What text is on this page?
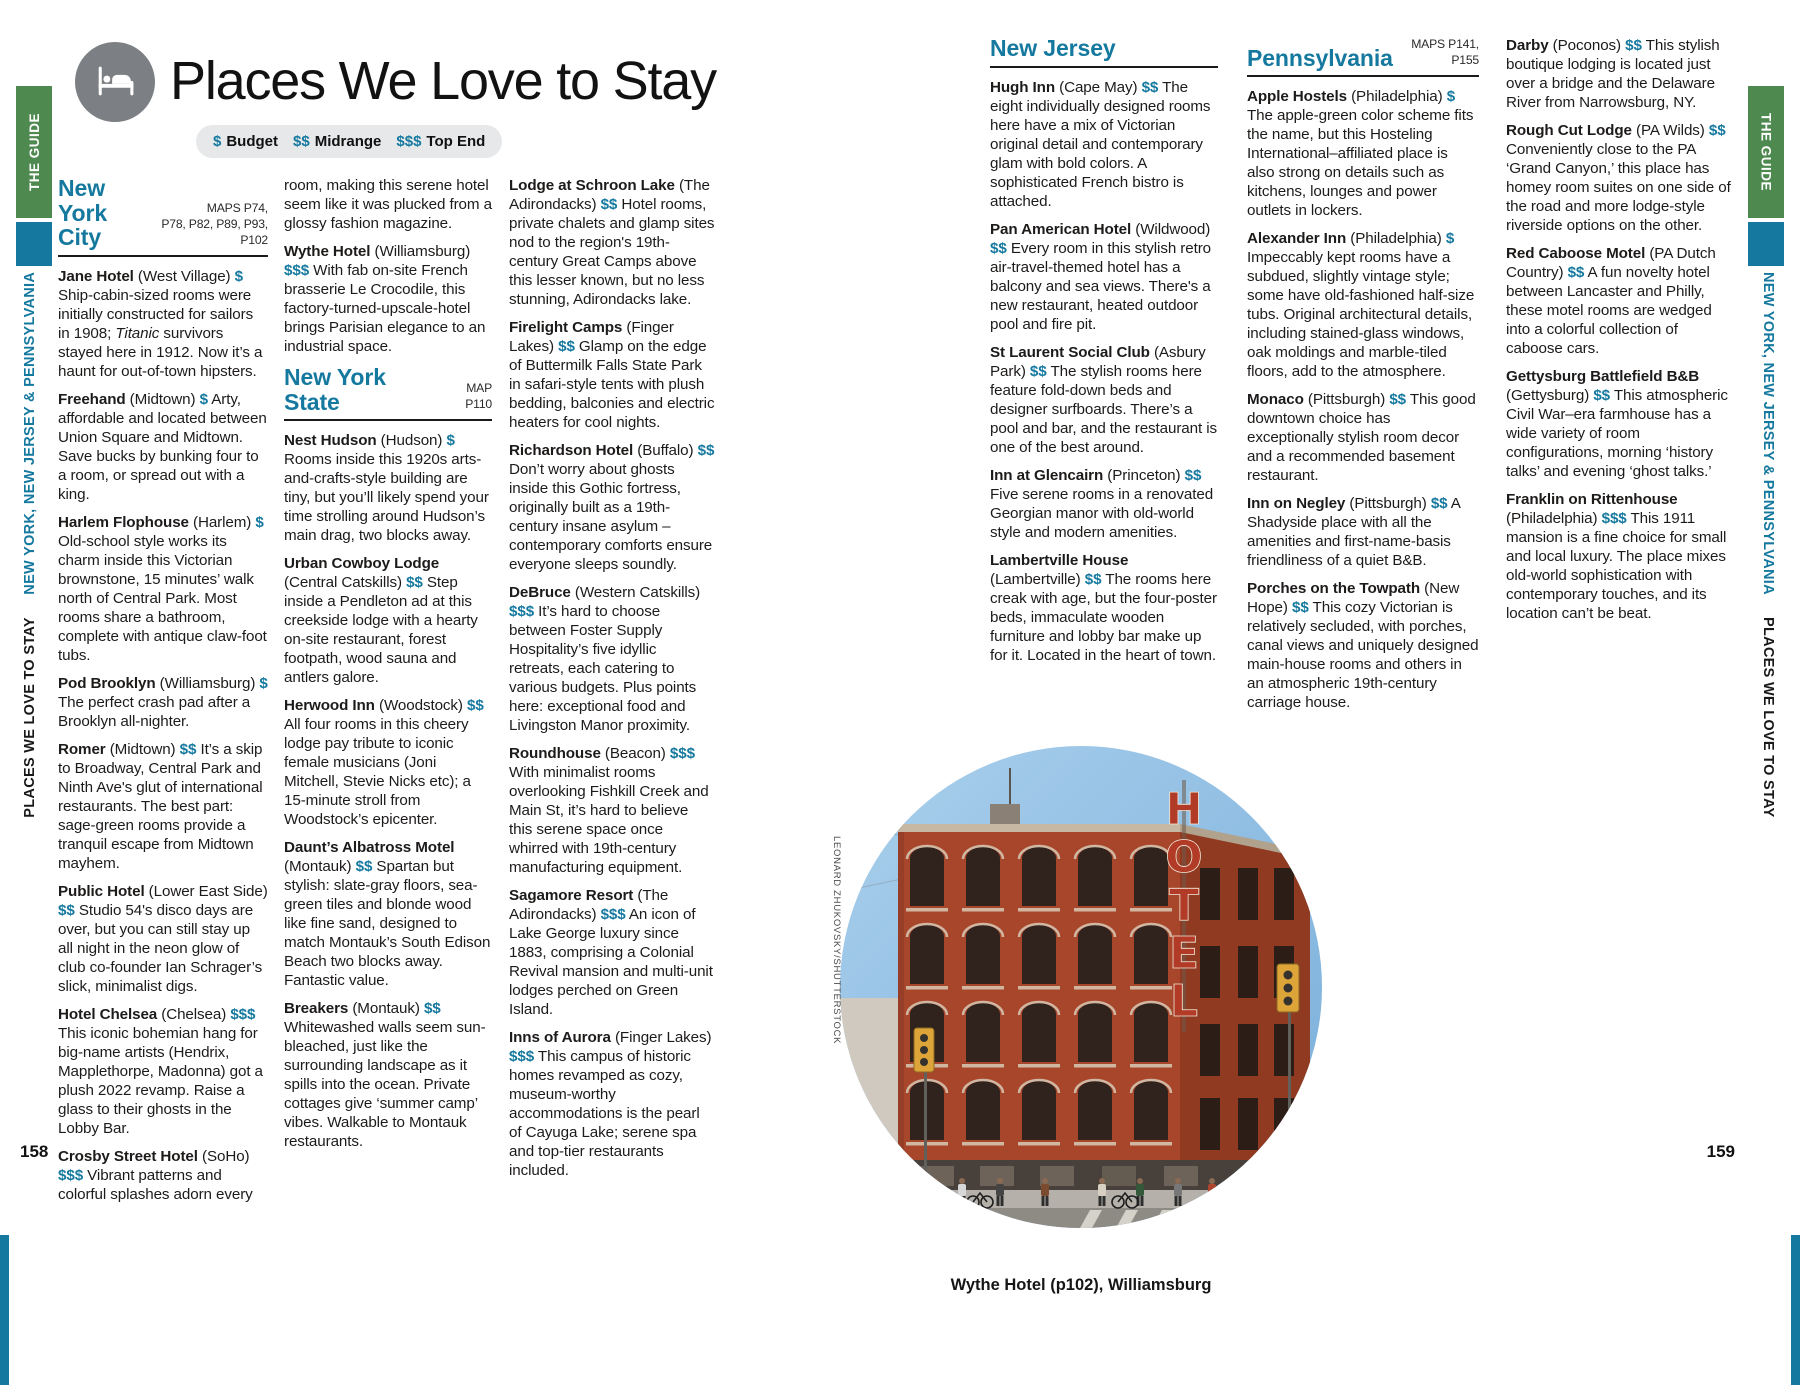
THE GUIDE
PLACES WE LOVE TO STAY NEW YORK, NEW JERSEY & PENNSYLVANIA
THE GUIDE
NEW YORK, NEW JERSEY & PENNSYLVANIA PLACES WE LOVE TO STAY
Places We Love to Stay
$ Budget $$ Midrange $$$ Top End
New York
City
MAPS P74,
P78, P82, P89, P93, P102

Jane Hotel (West Village) $ Ship-cabin-sized rooms were initially constructed for sailors in 1908; Titanic survivors stayed here in 1912. Now it’s a haunt for out-of-town hipsters.

Freehand (Midtown) $ Arty, affordable and located between Union Square and Midtown. Save bucks by bunking four to a room, or spread out with a king.

Harlem Flophouse (Harlem) $ Old-school style works its charm inside this Victorian brownstone, 15 minutes’ walk north of Central Park. Most rooms share a bathroom, complete with antique claw-foot tubs.

Pod Brooklyn (Williamsburg) $ The perfect crash pad after a Brooklyn all-nighter.

Romer (Midtown) $$ It’s a skip to Broadway, Central Park and Ninth Ave's glut of international restaurants. The best part: sage-green rooms provide a tranquil escape from Midtown mayhem.

Public Hotel (Lower East Side) $$ Studio 54's disco days are over, but you can still stay up all night in the neon glow of club co-founder Ian Schrager’s slick, minimalist digs.

Hotel Chelsea (Chelsea) $$$ This iconic bohemian hang for big-name artists (Hendrix, Mapplethorpe, Madonna) got a plush 2022 revamp. Raise a glass to their ghosts in the Lobby Bar.

Crosby Street Hotel (SoHo) $$$ Vibrant patterns and colorful splashes adorn every

room, making this serene hotel seem like it was plucked from a glossy fashion magazine.

Wythe Hotel (Williamsburg) $$$ With fab on-site French brasserie Le Crocodile, this factory-turned-upscale-hotel brings Parisian elegance to an industrial space.

New York State
MAP P110

Nest Hudson (Hudson) $ Rooms inside this 1920s arts-and-crafts-style building are tiny, but you’ll likely spend your time strolling around Hudson’s main drag, two blocks away.

Urban Cowboy Lodge (Central Catskills) $$ Step inside a Pendleton ad at this creekside lodge with a hearty on-site restaurant, forest footpath, wood sauna and antlers galore.

Herwood Inn (Woodstock) $$ All four rooms in this cheery lodge pay tribute to iconic female musicians (Joni Mitchell, Stevie Nicks etc); a 15-minute stroll from Woodstock’s epicenter.

Daunt’s Albatross Motel (Montauk) $$ Spartan but stylish: slate-gray floors, sea-green tiles and blonde wood like fine sand, designed to match Montauk’s South Edison Beach two blocks away. Fantastic value.

Breakers (Montauk) $$ Whitewashed walls seem sun-bleached, just like the surrounding landscape as it spills into the ocean. Private cottages give ‘summer camp’ vibes. Walkable to Montauk restaurants.

Lodge at Schroon Lake (The Adirondacks) $$ Hotel rooms, private chalets and glamp sites nod to the region's 19th-century Great Camps above this lesser known, but no less stunning, Adirondacks lake.

Firelight Camps (Finger Lakes) $$ Glamp on the edge of Buttermilk Falls State Park in safari-style tents with plush bedding, balconies and electric heaters for cool nights.

Richardson Hotel (Buffalo) $$ Don’t worry about ghosts inside this Gothic fortress, originally built as a 19th-century insane asylum – contemporary comforts ensure everyone sleeps soundly.

DeBruce (Western Catskills) $$$ It’s hard to choose between Foster Supply Hospitality’s five idyllic retreats, each catering to various budgets. Plus points here: exceptional food and Livingston Manor proximity.

Roundhouse (Beacon) $$$ With minimalist rooms overlooking Fishkill Creek and Main St, it’s hard to believe this serene space once whirred with 19th-century manufacturing equipment.

Sagamore Resort (The Adirondacks) $$$ An icon of Lake George luxury since 1883, comprising a Colonial Revival mansion and multi-unit lodges perched on Green Island.

Inns of Aurora (Finger Lakes) $$$ This campus of historic homes revamped as cozy, museum-worthy accommodations is the pearl of Cayuga Lake; serene spa and top-tier restaurants included.

New Jersey

Hugh Inn (Cape May) $$ The eight individually designed rooms here have a mix of Victorian original detail and contemporary glam with bold colors. A sophisticated French bistro is attached.

Pan American Hotel (Wildwood) $$ Every room in this stylish retro air-travel-themed hotel has a balcony and sea views. There's a new restaurant, heated outdoor pool and fire pit.

St Laurent Social Club (Asbury Park) $$ The stylish rooms here feature fold-down beds and designer surfboards. There’s a pool and bar, and the restaurant is one of the best around.

Inn at Glencairn (Princeton) $$ Five serene rooms in a renovated Georgian manor with old-world style and modern amenities.

Lambertville House (Lambertville) $$ The rooms here creak with age, but the four-poster beds, immaculate wooden furniture and lobby bar make up for it. Located in the heart of town.

Pennsylvania
MAPS P141, P155

Apple Hostels (Philadelphia) $ The apple-green color scheme fits the name, but this Hosteling International–affiliated place is also strong on details such as kitchens, lounges and power outlets in lockers.

Alexander Inn (Philadelphia) $ Impeccably kept rooms have a subdued, slightly vintage style; some have old-fashioned half-size tubs. Original architectural details, including stained-glass windows, oak moldings and marble-tiled floors, add to the atmosphere.

Monaco (Pittsburgh) $$ This good downtown choice has exceptionally stylish room decor and a recommended basement restaurant.

Inn on Negley (Pittsburgh) $$ A Shadyside place with all the amenities and first-name-basis friendliness of a quiet B&B.

Porches on the Towpath (New Hope) $$ This cozy Victorian is relatively secluded, with porches, canal views and uniquely designed main-house rooms and others in an atmospheric 19th-century carriage house.

Darby (Poconos) $$ This stylish boutique lodging is located just over a bridge and the Delaware River from Narrowsburg, NY.

Rough Cut Lodge (PA Wilds) $$ Conveniently close to the PA ‘Grand Canyon,’ this place has homey room suites on one side of the road and more lodge-style riverside options on the other.

Red Caboose Motel (PA Dutch Country) $$ A fun novelty hotel between Lancaster and Philly, these motel rooms are wedged into a colorful collection of caboose cars.

Gettysburg Battlefield B&B (Gettysburg) $$ This atmospheric Civil War–era farmhouse has a wide variety of room configurations, morning ‘history talks’ and evening ‘ghost talks.’

Franklin on Rittenhouse (Philadelphia) $$$ This 1911 mansion is a fine choice for small and local luxury. The place mixes old-world sophistication with contemporary touches, and its location can’t be beat.

H
O
T
E
L
LEONARD ZHUKOVSKY/SHUTTERSTOCK
Wythe Hotel (p102), Williamsburg
158	159
